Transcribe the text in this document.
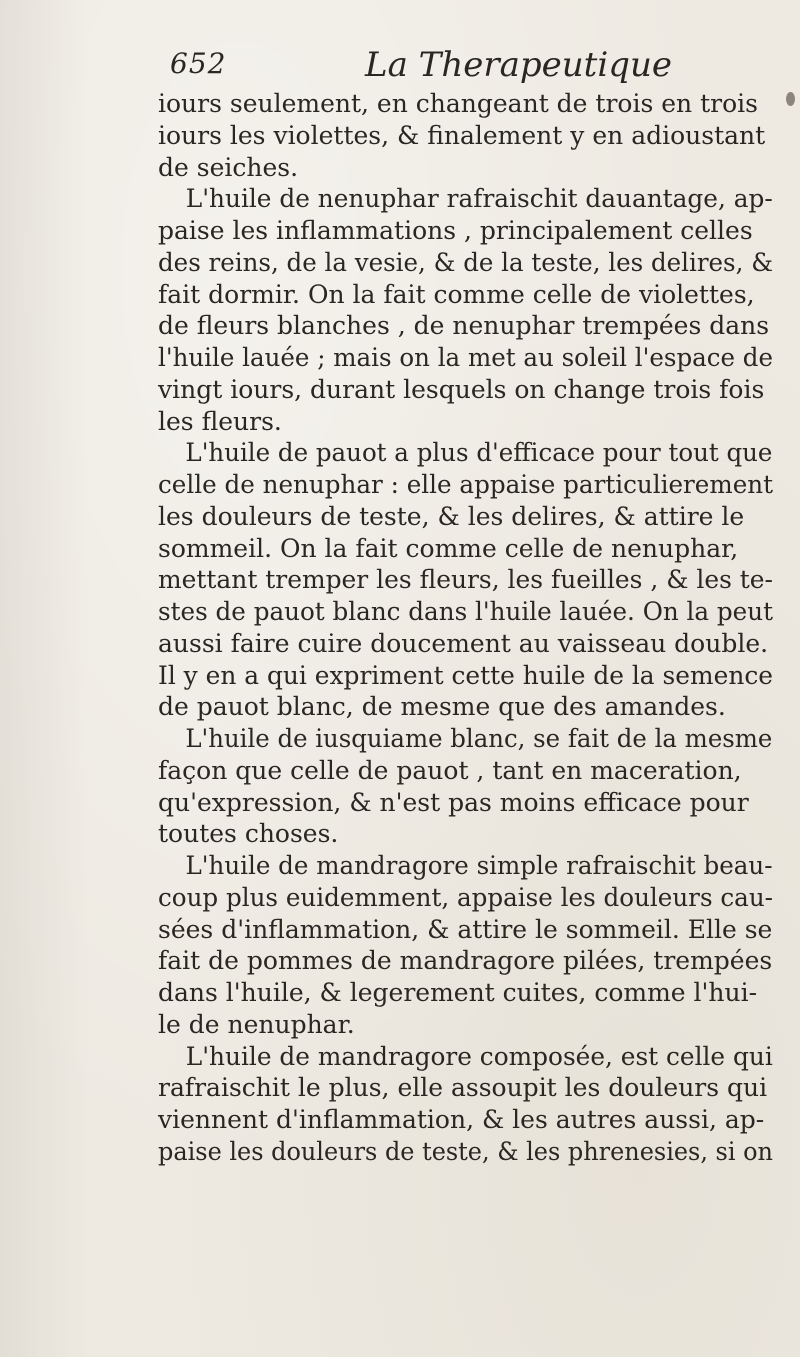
652	La Therapeutique
iours seulement, en changeant de trois en trois
iours les violettes, & finalement y en adioustant
de seiches.
L'huile de nenuphar rafraischit dauantage, ap-
paise les inflammations , principalement celles
des reins, de la vesie, & de la teste, les delires, &
fait dormir. On la fait comme celle de violettes,
de fleurs blanches , de nenuphar trempées dans
l'huile lauée ; mais on la met au soleil l'espace de
vingt iours, durant lesquels on change trois fois
les fleurs.
L'huile de pauot a plus d'efficace pour tout que
celle de nenuphar : elle appaise particulierement
les douleurs de teste, & les delires, & attire le
sommeil. On la fait comme celle de nenuphar,
mettant tremper les fleurs, les fueilles , & les te-
stes de pauot blanc dans l'huile lauée. On la peut
aussi faire cuire doucement au vaisseau double.
Il y en a qui expriment cette huile de la semence
de pauot blanc, de mesme que des amandes.
L'huile de iusquiame blanc, se fait de la mesme
façon que celle de pauot , tant en maceration,
qu'expression, & n'est pas moins efficace pour
toutes choses.
L'huile de mandragore simple rafraischit beau-
coup plus euidemment, appaise les douleurs cau-
sées d'inflammation, & attire le sommeil. Elle se
fait de pommes de mandragore pilées, trempées
dans l'huile, & legerement cuites, comme l'hui-
le de nenuphar.
L'huile de mandragore composée, est celle qui
rafraischit le plus, elle assoupit les douleurs qui
viennent d'inflammation, & les autres aussi, ap-
paise les douleurs de teste, & les phrenesies, si on
